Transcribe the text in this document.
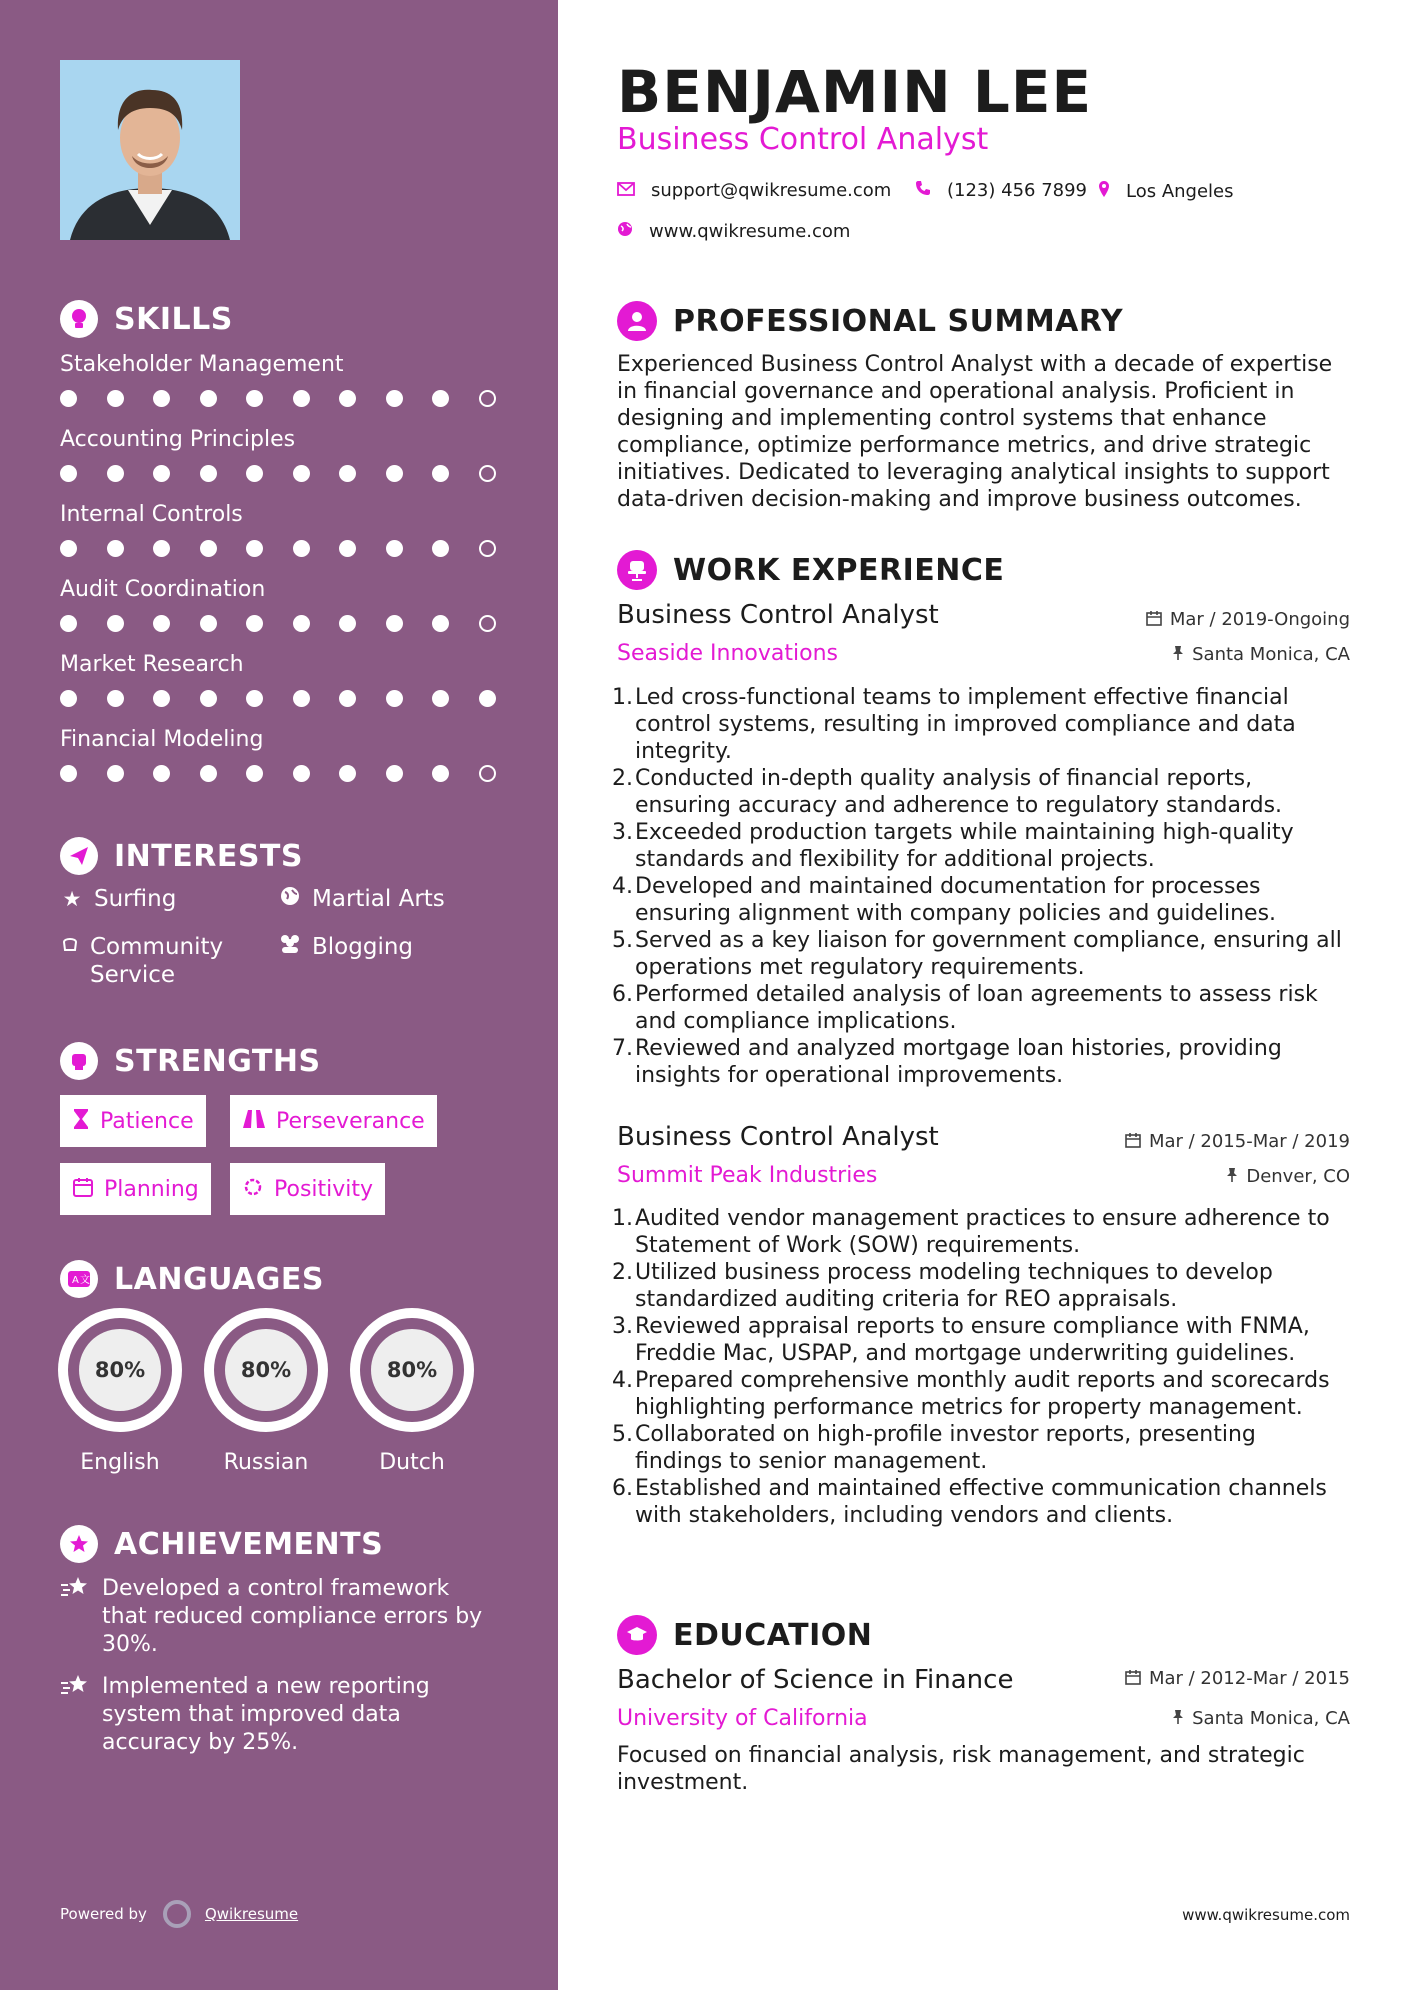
SKILLS
INTERESTS
★ Surfing	Martial Arts
Community Service
Blogging
STRENGTHS
Patience	Perseverance
Planning	Positivity
A 文 LANGUAGES
80%
English
80%
Russian
80%
Dutch
ACHIEVEMENTS
Developed a control framework that reduced compliance errors by 30%.
Implemented a new reporting system that improved data accuracy by 25%.
Powered by	Qwikresume
Stakeholder Management
Accounting Principles
Internal Controls
Audit Coordination
Market Research
Financial Modeling
BENJAMIN LEE
Business Control Analyst
support@qwikresume.com	(123) 456 7899 Los Angeles
www.qwikresume.com
PROFESSIONAL SUMMARY
Experienced Business Control Analyst with a decade of expertise in financial governance and operational analysis. Proficient in designing and implementing control systems that enhance compliance, optimize performance metrics, and drive strategic initiatives. Dedicated to leveraging analytical insights to support data-driven decision-making and improve business outcomes.
WORK EXPERIENCE
Business Control Analyst	Mar / 2019-Ongoing
Seaside Innovations	Santa Monica, CA
1. Led cross-functional teams to implement effective financial control systems, resulting in improved compliance and data integrity.
2. Conducted in-depth quality analysis of financial reports, ensuring accuracy and adherence to regulatory standards.
3. Exceeded production targets while maintaining high-quality standards and flexibility for additional projects.
4. Developed and maintained documentation for processes ensuring alignment with company policies and guidelines.
5. Served as a key liaison for government compliance, ensuring all operations met regulatory requirements.
6. Performed detailed analysis of loan agreements to assess risk and compliance implications.
7. Reviewed and analyzed mortgage loan histories, providing insights for operational improvements.
Business Control Analyst	Mar / 2015-Mar / 2019
Summit Peak Industries	Denver, CO
1. Audited vendor management practices to ensure adherence to Statement of Work (SOW) requirements.
2. Utilized business process modeling techniques to develop standardized auditing criteria for REO appraisals.
3. Reviewed appraisal reports to ensure compliance with FNMA, Freddie Mac, USPAP, and mortgage underwriting guidelines.
4. Prepared comprehensive monthly audit reports and scorecards highlighting performance metrics for property management.
5. Collaborated on high-profile investor reports, presenting findings to senior management.
6. Established and maintained effective communication channels with stakeholders, including vendors and clients.
EDUCATION
Bachelor of Science in Finance	Mar / 2012-Mar / 2015
University of California	Santa Monica, CA
Focused on financial analysis, risk management, and strategic investment.
www.qwikresume.com
